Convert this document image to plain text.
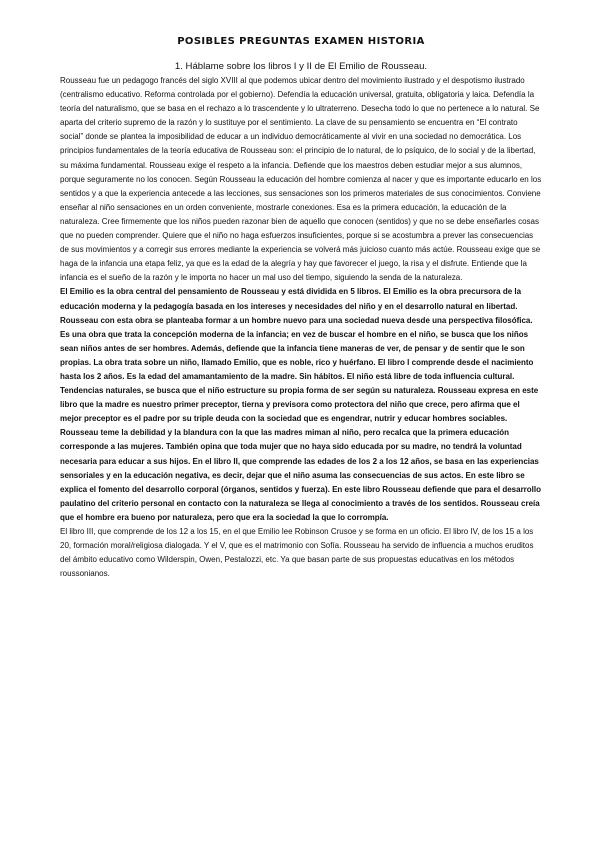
POSIBLES PREGUNTAS EXAMEN HISTORIA

1. Háblame sobre los libros I y II de El Emilio de Rousseau.

Rousseau fue un pedagogo francés del siglo XVIII al que podemos ubicar dentro del movimiento ilustrado y el despotismo ilustrado (centralismo educativo. Reforma controlada por el gobierno). Defendía la educación universal, gratuita, obligatoria y laica. Defendía la teoría del naturalismo, que se basa en el rechazo a lo trascendente y lo ultraterreno. Desecha todo lo que no pertenece a lo natural. Se aparta del criterio supremo de la razón y lo sustituye por el sentimiento. La clave de su pensamiento se encuentra en “El contrato social” donde se plantea la imposibilidad de educar a un individuo democráticamente al vivir en una sociedad no democrática. Los principios fundamentales de la teoría educativa de Rousseau son: el principio de lo natural, de lo psíquico, de lo social y de la libertad, su máxima fundamental. Rousseau exige el respeto a la infancia. Defiende que los maestros deben estudiar mejor a sus alumnos, porque seguramente no los conocen. Según Rousseau la educación del hombre comienza al nacer y que es importante educarlo en los sentidos y a que la experiencia antecede a las lecciones, sus sensaciones son los primeros materiales de sus conocimientos. Conviene enseñar al niño sensaciones en un orden conveniente, mostrarle conexiones. Esa es la primera educación, la educación de la naturaleza. Cree firmemente que los niños pueden razonar bien de aquello que conocen (sentidos) y que no se debe enseñarles cosas que no pueden comprender. Quiere que el niño no haga esfuerzos insuficientes, porque si se acostumbra a prever las consecuencias de sus movimientos y a corregir sus errores mediante la experiencia se volverá más juicioso cuanto más actúe. Rousseau exige que se haga de la infancia una etapa feliz, ya que es la edad de la alegría y hay que favorecer el juego, la risa y el disfrute. Entiende que la infancia es el sueño de la razón y le importa no hacer un mal uso del tiempo, siguiendo la senda de la naturaleza.

El Emilio es la obra central del pensamiento de Rousseau y está dividida en 5 libros. El Emilio es la obra precursora de la educación moderna y la pedagogía basada en los intereses y necesidades del niño y en el desarrollo natural en libertad. Rousseau con esta obra se planteaba formar a un hombre nuevo para una sociedad nueva desde una perspectiva filosófica. Es una obra que trata la concepción moderna de la infancia; en vez de buscar el hombre en el niño, se busca que los niños sean niños antes de ser hombres. Además, defiende que la infancia tiene maneras de ver, de pensar y de sentir que le son propias. La obra trata sobre un niño, llamado Emilio, que es noble, rico y huérfano. El libro I comprende desde el nacimiento hasta los 2 años. Es la edad del amamantamiento de la madre. Sin hábitos. El niño está libre de toda influencia cultural. Tendencias naturales, se busca que el niño estructure su propia forma de ser según su naturaleza. Rousseau expresa en este libro que la madre es nuestro primer preceptor, tierna y previsora como protectora del niño que crece, pero afirma que el mejor preceptor es el padre por su triple deuda con la sociedad que es engendrar, nutrir y educar hombres sociables. Rousseau teme la debilidad y la blandura con la que las madres miman al niño, pero recalca que la primera educación corresponde a las mujeres. También opina que toda mujer que no haya sido educada por su madre, no tendrá la voluntad necesaria para educar a sus hijos. En el libro II, que comprende las edades de los 2 a los 12 años, se basa en las experiencias sensoriales y en la educación negativa, es decir, dejar que el niño asuma las consecuencias de sus actos. En este libro se explica el fomento del desarrollo corporal (órganos, sentidos y fuerza). En este libro Rousseau defiende que para el desarrollo paulatino del criterio personal en contacto con la naturaleza se llega al conocimiento a través de los sentidos. Rousseau creía que el hombre era bueno por naturaleza, pero que era la sociedad la que lo corrompía.

El libro III, que comprende de los 12 a los 15, en el que Emilio lee Robinson Crusoe y se forma en un oficio. El libro IV, de los 15 a los 20, formación moral/religiosa dialogada. Y el V, que es el matrimonio con Sofía. Rousseau ha servido de influencia a muchos eruditos del ámbito educativo como Wilderspin, Owen, Pestalozzi, etc. Ya que basan parte de sus propuestas educativas en los métodos roussonianos.
